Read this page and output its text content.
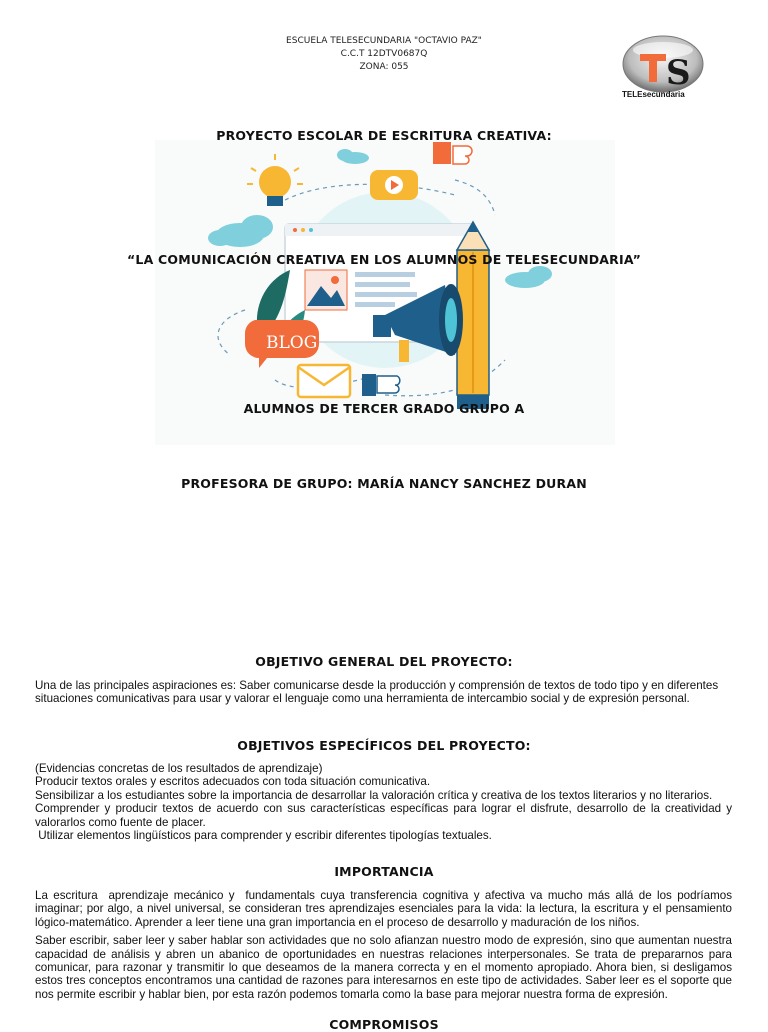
ESCUELA TELESECUNDARIA "OCTAVIO PAZ"
C.C.T 12DTV0687Q
ZONA: 055	S
TELEsecundaria
BLOG
PROYECTO ESCOLAR DE ESCRITURA CREATIVA:
“LA COMUNICACIÓN CREATIVA EN LOS ALUMNOS DE TELESECUNDARIA”
ALUMNOS DE TERCER GRADO GRUPO A
PROFESORA DE GRUPO: MARÍA NANCY SANCHEZ DURAN
OBJETIVO GENERAL DEL PROYECTO:

Una de las principales aspiraciones es: Saber comunicarse desde la producción y comprensión de textos de todo tipo y en diferentes situaciones comunicativas para usar y valorar el lenguaje como una herramienta de intercambio social y de expresión personal.

OBJETIVOS ESPECÍFICOS DEL PROYECTO:

(Evidencias concretas de los resultados de aprendizaje)

Producir textos orales y escritos adecuados con toda situación comunicativa.

Sensibilizar a los estudiantes sobre la importancia de desarrollar la valoración crítica y creativa de los textos literarios y no literarios.

Comprender y producir textos de acuerdo con sus características específicas para lograr el disfrute, desarrollo de la creatividad y valorarlos como fuente de placer.

Utilizar elementos lingüísticos para comprender y escribir diferentes tipologías textuales.

IMPORTANCIA

La escritura  aprendizaje mecánico y  fundamentals cuya transferencia cognitiva y afectiva va mucho más allá de los podríamos imaginar; por algo, a nivel universal, se consideran tres aprendizajes esenciales para la vida: la lectura, la escritura y el pensamiento lógico-matemático. Aprender a leer tiene una gran importancia en el proceso de desarrollo y maduración de los niños.

Saber escribir, saber leer y saber hablar son actividades que no solo afianzan nuestro modo de expresión, sino que aumentan nuestra capacidad de análisis y abren un abanico de oportunidades en nuestras relaciones interpersonales. Se trata de prepararnos para comunicar, para razonar y transmitir lo que deseamos de la manera correcta y en el momento apropiado. Ahora bien, si desligamos estos tres conceptos encontramos una cantidad de razones para interesarnos en este tipo de actividades. Saber leer es el soporte que nos permite escribir y hablar bien, por esta razón podemos tomarla como la base para mejorar nuestra forma de expresión.

COMPROMISOS
